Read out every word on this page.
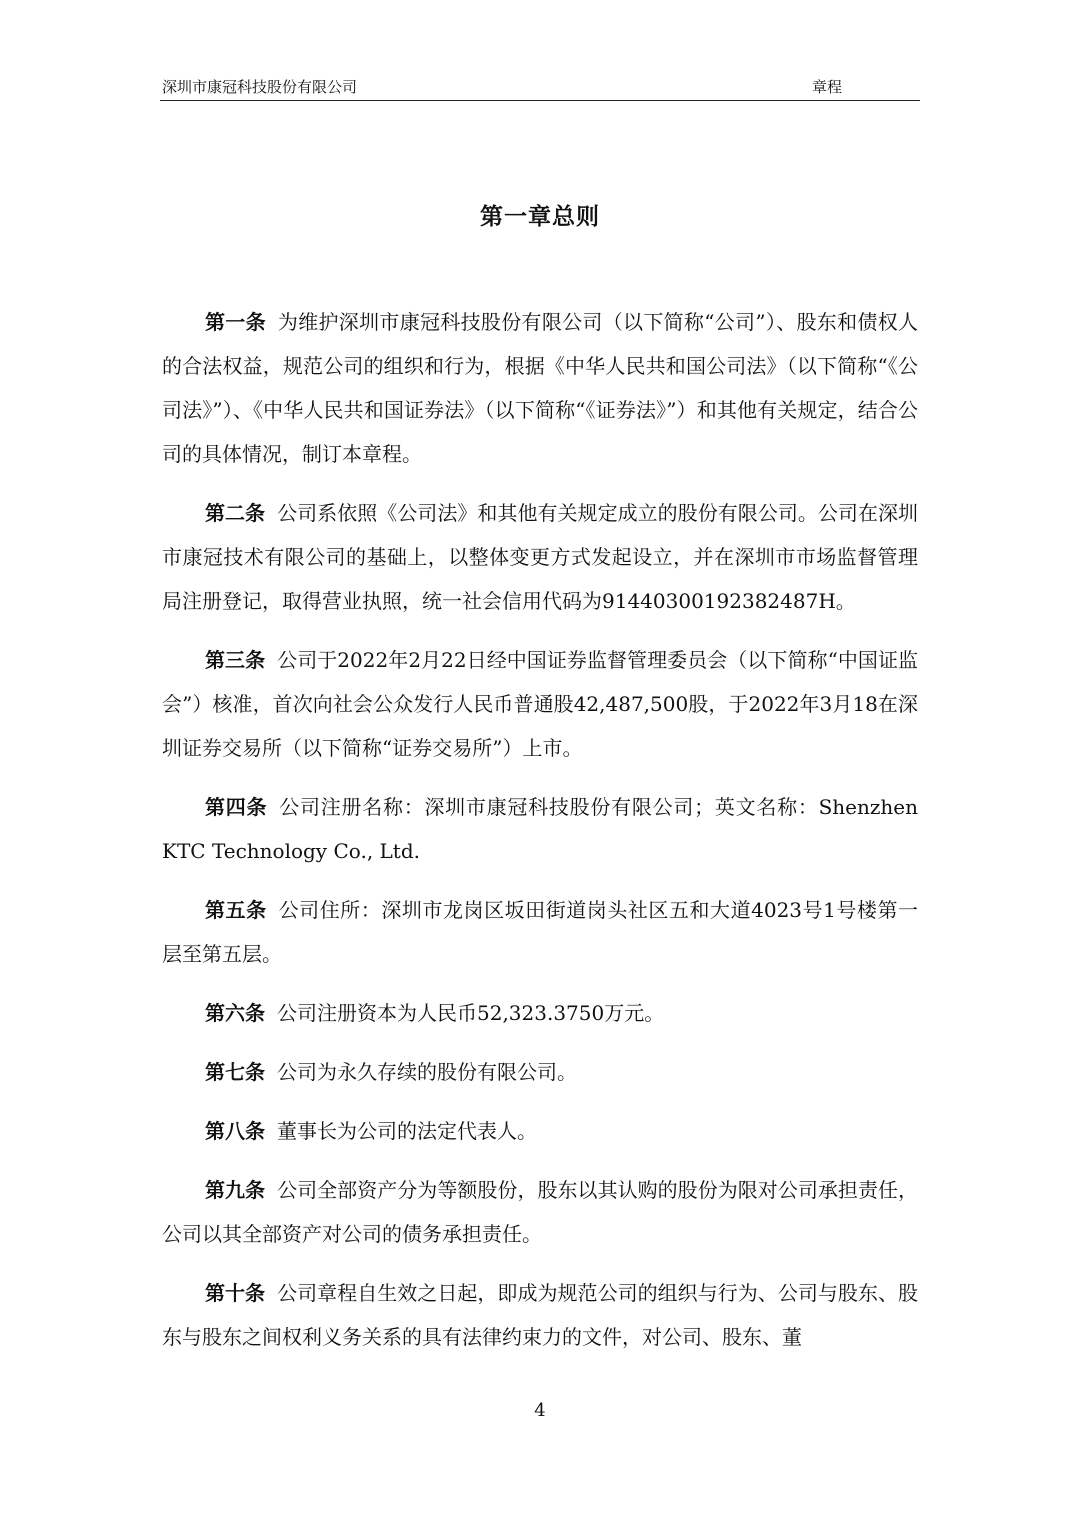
深圳市康冠科技股份有限公司	章程
第一章总则

第一条 为维护深圳市康冠科技股份有限公司（以下简称“公司”）、股东和债权人的合法权益，规范公司的组织和行为，根据《中华人民共和国公司法》（以下简称“《公司法》”）、《中华人民共和国证券法》（以下简称“《证券法》”）和其他有关规定，结合公司的具体情况，制订本章程。

第二条 公司系依照《公司法》和其他有关规定成立的股份有限公司。公司在深圳市康冠技术有限公司的基础上，以整体变更方式发起设立，并在深圳市市场监督管理局注册登记，取得营业执照，统一社会信用代码为91440300192382487H。

第三条 公司于2022年2月22日经中国证券监督管理委员会（以下简称“中国证监会”）核准，首次向社会公众发行人民币普通股42,487,500股，于2022年3月18在深圳证券交易所（以下简称“证券交易所”）上市。

第四条 公司注册名称：深圳市康冠科技股份有限公司；英文名称：Shenzhen KTC Technology Co., Ltd.

第五条 公司住所：深圳市龙岗区坂田街道岗头社区五和大道4023号1号楼第一层至第五层。

第六条 公司注册资本为人民币52,323.3750万元。

第七条 公司为永久存续的股份有限公司。

第八条 董事长为公司的法定代表人。

第九条 公司全部资产分为等额股份，股东以其认购的股份为限对公司承担责任，公司以其全部资产对公司的债务承担责任。

第十条 公司章程自生效之日起，即成为规范公司的组织与行为、公司与股东、股东与股东之间权利义务关系的具有法律约束力的文件，对公司、股东、董

4
